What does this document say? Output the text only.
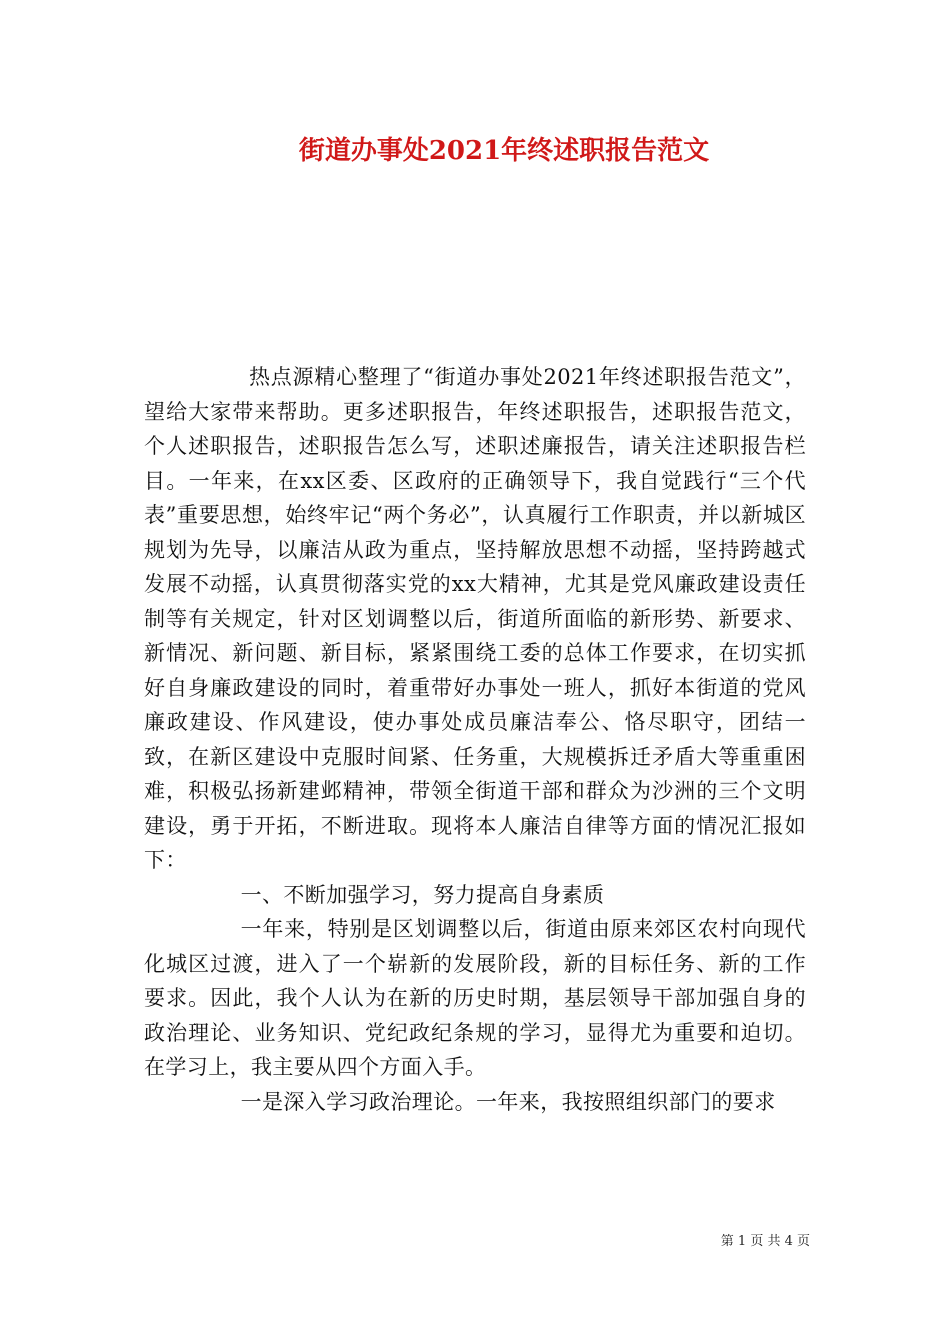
街道办事处2021年终述职报告范文

热点源精心整理了“街道办事处2021年终述职报告范文”，望给大家带来帮助。更多述职报告，年终述职报告，述职报告范文，个人述职报告，述职报告怎么写，述职述廉报告，请关注述职报告栏目。一年来，在xx区委、区政府的正确领导下，我自觉践行“三个代表”重要思想，始终牢记“两个务必”，认真履行工作职责，并以新城区规划为先导，以廉洁从政为重点，坚持解放思想不动摇，坚持跨越式发展不动摇，认真贯彻落实党的xx大精神，尤其是党风廉政建设责任制等有关规定，针对区划调整以后，街道所面临的新形势、新要求、新情况、新问题、新目标，紧紧围绕工委的总体工作要求，在切实抓好自身廉政建设的同时，着重带好办事处一班人，抓好本街道的党风廉政建设、作风建设，使办事处成员廉洁奉公、恪尽职守，团结一致，在新区建设中克服时间紧、任务重，大规模拆迁矛盾大等重重困难，积极弘扬新建邺精神，带领全街道干部和群众为沙洲的三个文明建设，勇于开拓，不断进取。现将本人廉洁自律等方面的情况汇报如下：

一、不断加强学习，努力提高自身素质

一年来，特别是区划调整以后，街道由原来郊区农村向现代化城区过渡，进入了一个崭新的发展阶段，新的目标任务、新的工作要求。因此，我个人认为在新的历史时期，基层领导干部加强自身的政治理论、业务知识、党纪政纪条规的学习，显得尤为重要和迫切。在学习上，我主要从四个方面入手。

一是深入学习政治理论。一年来，我按照组织部门的要求

第 1 页 共 4 页
